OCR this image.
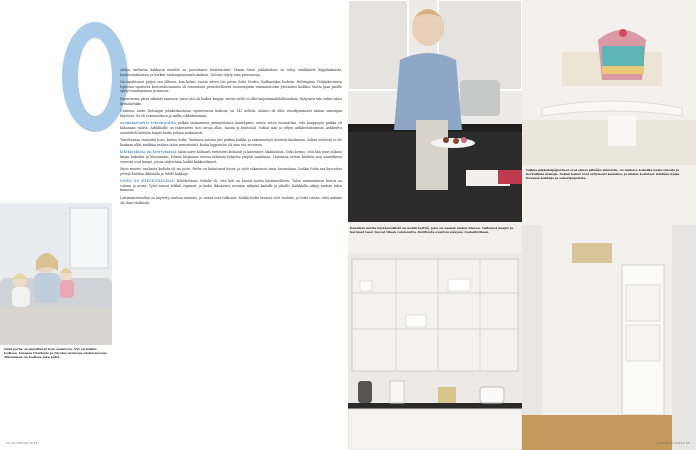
olulaa, mellaisia kakkusia ennättä on parsottanut keittiössään! Tämän talon juhlakattaus on tehty värikkäistä kuppikakuista, kuohuviinilaseista ja herkän vaaleanpunaisista kukista. Taloosa tätyty ama prinsessoja.

On tapahtunut paljon sen jälkeen, kun kolme vuotta sitten Iris juttus Sofia Drufva Nadboreikin kodista. Helsingissä Töölönkorossen lopeessa sijaitseva kerrostalosaunsta oli remontoitu perusteellisesti moneenpiirin ensimmäiseksi yhteiseksi kodiksi. Mutta pian parille syntyi ensimmäinen prinsessa.

Ensurinoma päiva sikäivät asunnon, jossa sitä oli haikea kaipaa, mutta sieltä ei ollut laajentamahdollisuuksia. Nykyinen talo onkin oikea kerhokotiikin.

Uudessa, aivan Helsingin ydinkeskustassa sijaitsevassa kodissa, on 142 neliötä. Asunto oli ollut vuosikymmenet saman omistajan käytössä. Se oli remontoitava ja melko rikkaistamaan.

ensimmäiseksi remontoitiin pelkän lastaamisen pemmoitimen kenttäpiste, mutta sitten huomattiin, että lamppujen paikka oli kokonaan väärin. Arkkikoille on rakennettu isoo aivoja allas, manta ja kuntosali. Sofian isän ja veljen arkkitehtitoimisto Arkdrufva suunnitteli keittiön kaapit kodin pohjan mukaisesti.

Tarvittavaan remontin hoiti, kertoo Sofia. Vanhassa talossa piti purkaa kaikki, ja rakennustyöt kestivät kuukausia. Sofian mielestä ei ole koskaan ollut rankkaa vanhan talon remontointi, koska lopputulos oli aina sen arvoinen.

lähikioskista on kiertymässä talon aarre kolmasti erityisesti kolmasti ja kasvaneet lokakuuhun. Sofia kertoo, että hän juuri julkaisi kirjan kakuista ja leivonnasta. Hänen blogiansa seuraa tuhansia lukijoita ympäri maailmaa. Leivontaa varten keittiön ison saarekkeen vieressä ovat kaapit, joissa säilytetään kaikki kakkuvälineet.

Myös muutto vanhasta kodista oli iso juttu. Perhe on kotiutunut hyvin, ja tytöt rakastavat omia huoneitaan. Lisäksi Sofia saa kasvattaa yrttejä keittiön ikkunalla ja tehdä kakkuja.

ONKO SE MIELENRAUHAN lähtökohtana Sofialle oli, että koti on kaunis mutta käytännöllinen. Talon ensimmäinen kerros on valoisa ja avara. Tytöt saavat leikkiä vapaasti, ja kodin ikkunoista avautuu näkymä kadulle ja pihalle. Kaikkialla näkyy vanhan talon kauneus.

Lattiamateriaalina on käytetty vaaleaa tammea, ja seinät ovat valkoiset. Kaikki kodin tavarat ovat vaaleita, ja Sofia toteaa, ettei mikään ole liian värikästä.

Onni perhe on muuttanut ison asuntoon. Nyt on kaikki kodissa, kuvassa Charlotte ja Nicolas suuressa olohuoneessa. Tunnelmaa on kodissa joka päivä.
34 GLORIAN KOTI
Vaikka pikkuleipäperheet ovat olleet pitkään tunnettu, on mukava kokeilla uusia ideoita ja herkullisia makuja. Sofian kakut ovat erityisesti kauniita, ja niiden koristeet tehdään käsin. Kuvassa kakkuja ja sokeripaperista.
Kaunista mutta käytännöllistä on kodin keittiö, joka on saanut uuden ilmeen. Valkoiset kaapit ja harmaat tasot tuovat tilaan valoisuutta. Keittiöstä avautuu näkymä ruokailutilaan.
GLORIAN KOTI 35
